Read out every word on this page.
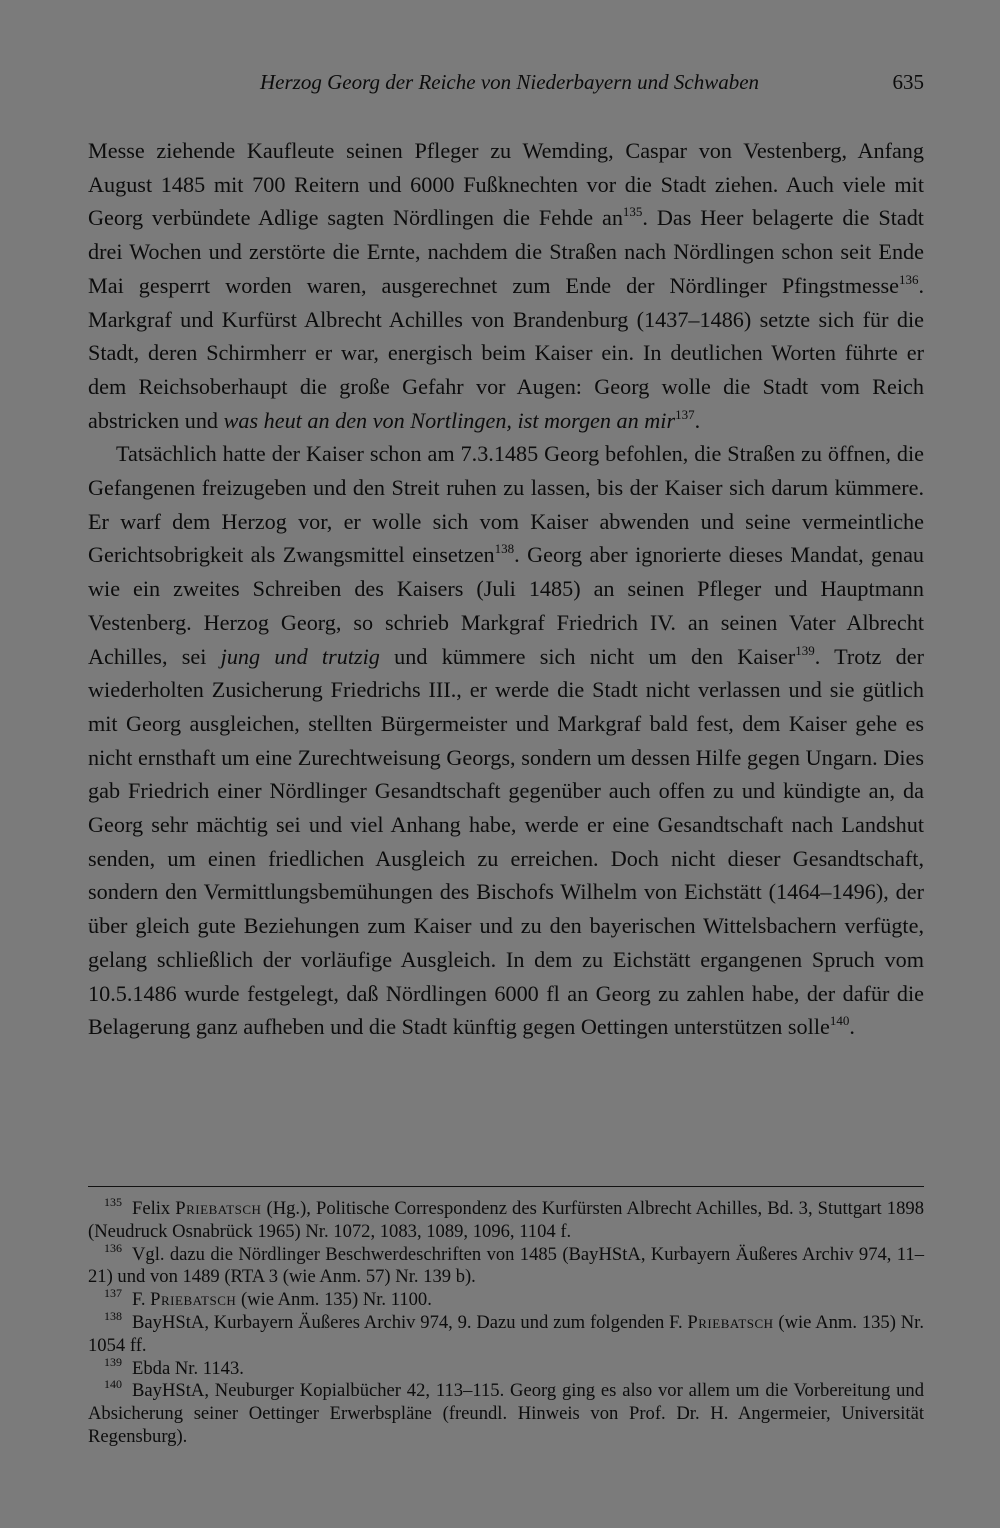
Herzog Georg der Reiche von Niederbayern und Schwaben	635

Messe ziehende Kaufleute seinen Pfleger zu Wemding, Caspar von Vestenberg, Anfang August 1485 mit 700 Reitern und 6000 Fußknechten vor die Stadt ziehen. Auch viele mit Georg verbündete Adlige sagten Nördlingen die Fehde $an^{135}$. Das Heer belagerte die Stadt drei Wochen und zerstörte die Ernte, nachdem die Straßen nach Nördlingen schon seit Ende Mai gesperrt worden waren, ausgerechnet zum Ende der Nördlinger Pfingstmesse$^{136}$. Markgraf und Kurfürst Albrecht Achilles von Brandenburg (1437–1486) setzte sich für die Stadt, deren Schirmherr er war, energisch beim Kaiser ein. In deutlichen Worten führte er dem Reichsoberhaupt die große Gefahr vor Augen: Georg wolle die Stadt vom Reich abstricken und was heut an den von Nortlingen, ist morgen an mir$^{137}$.

Tatsächlich hatte der Kaiser schon am 7.3.1485 Georg befohlen, die Straßen zu öffnen, die Gefangenen freizugeben und den Streit ruhen zu lassen, bis der Kaiser sich darum kümmere. Er warf dem Herzog vor, er wolle sich vom Kaiser abwenden und seine vermeintliche Gerichtsobrigkeit als Zwangsmittel einsetzen$^{138}$. Georg aber ignorierte dieses Mandat, genau wie ein zweites Schreiben des Kaisers (Juli 1485) an seinen Pfleger und Hauptmann Vestenberg. Herzog Georg, so schrieb Markgraf Friedrich IV. an seinen Vater Albrecht Achilles, sei jung und trutzig und kümmere sich nicht um den Kaiser$^{139}$. Trotz der wiederholten Zusicherung Friedrichs III., er werde die Stadt nicht verlassen und sie gütlich mit Georg ausgleichen, stellten Bürgermeister und Markgraf bald fest, dem Kaiser gehe es nicht ernsthaft um eine Zurechtweisung Georgs, sondern um dessen Hilfe gegen Ungarn. Dies gab Friedrich einer Nördlinger Gesandtschaft gegenüber auch offen zu und kündigte an, da Georg sehr mächtig sei und viel Anhang habe, werde er eine Gesandtschaft nach Landshut senden, um einen friedlichen Ausgleich zu erreichen. Doch nicht dieser Gesandtschaft, sondern den Vermittlungsbemühungen des Bischofs Wilhelm von Eichstätt (1464–1496), der über gleich gute Beziehungen zum Kaiser und zu den bayerischen Wittelsbachern verfügte, gelang schließlich der vorläufige Ausgleich. In dem zu Eichstätt ergangenen Spruch vom 10.5.1486 wurde festgelegt, daß Nördlingen 6000 fl an Georg zu zahlen habe, der dafür die Belagerung ganz aufheben und die Stadt künftig gegen Oettingen unterstützen solle$^{140}$.

$^{135}$ Felix Priebatsch (Hg.), Politische Correspondenz des Kurfürsten Albrecht Achilles, Bd. 3, Stuttgart 1898 (Neudruck Osnabrück 1965) Nr. 1072, 1083, 1089, 1096, 1104 f.

$^{136}$ Vgl. dazu die Nördlinger Beschwerdeschriften von 1485 (BayHStA, Kurbayern Äußeres Archiv 974, 11–21) und von 1489 (RTA 3 (wie Anm. 57) Nr. 139 b).

$^{137}$ F. Priebatsch (wie Anm. 135) Nr. 1100.

$^{138}$ BayHStA, Kurbayern Äußeres Archiv 974, 9. Dazu und zum folgenden F. Priebatsch (wie Anm. 135) Nr. 1054 ff.

$^{139}$ Ebda Nr. 1143.

$^{140}$ BayHStA, Neuburger Kopialbücher 42, 113–115. Georg ging es also vor allem um die Vorbereitung und Absicherung seiner Oettinger Erwerbspläne (freundl. Hinweis von Prof. Dr. H. Angermeier, Universität Regensburg).
